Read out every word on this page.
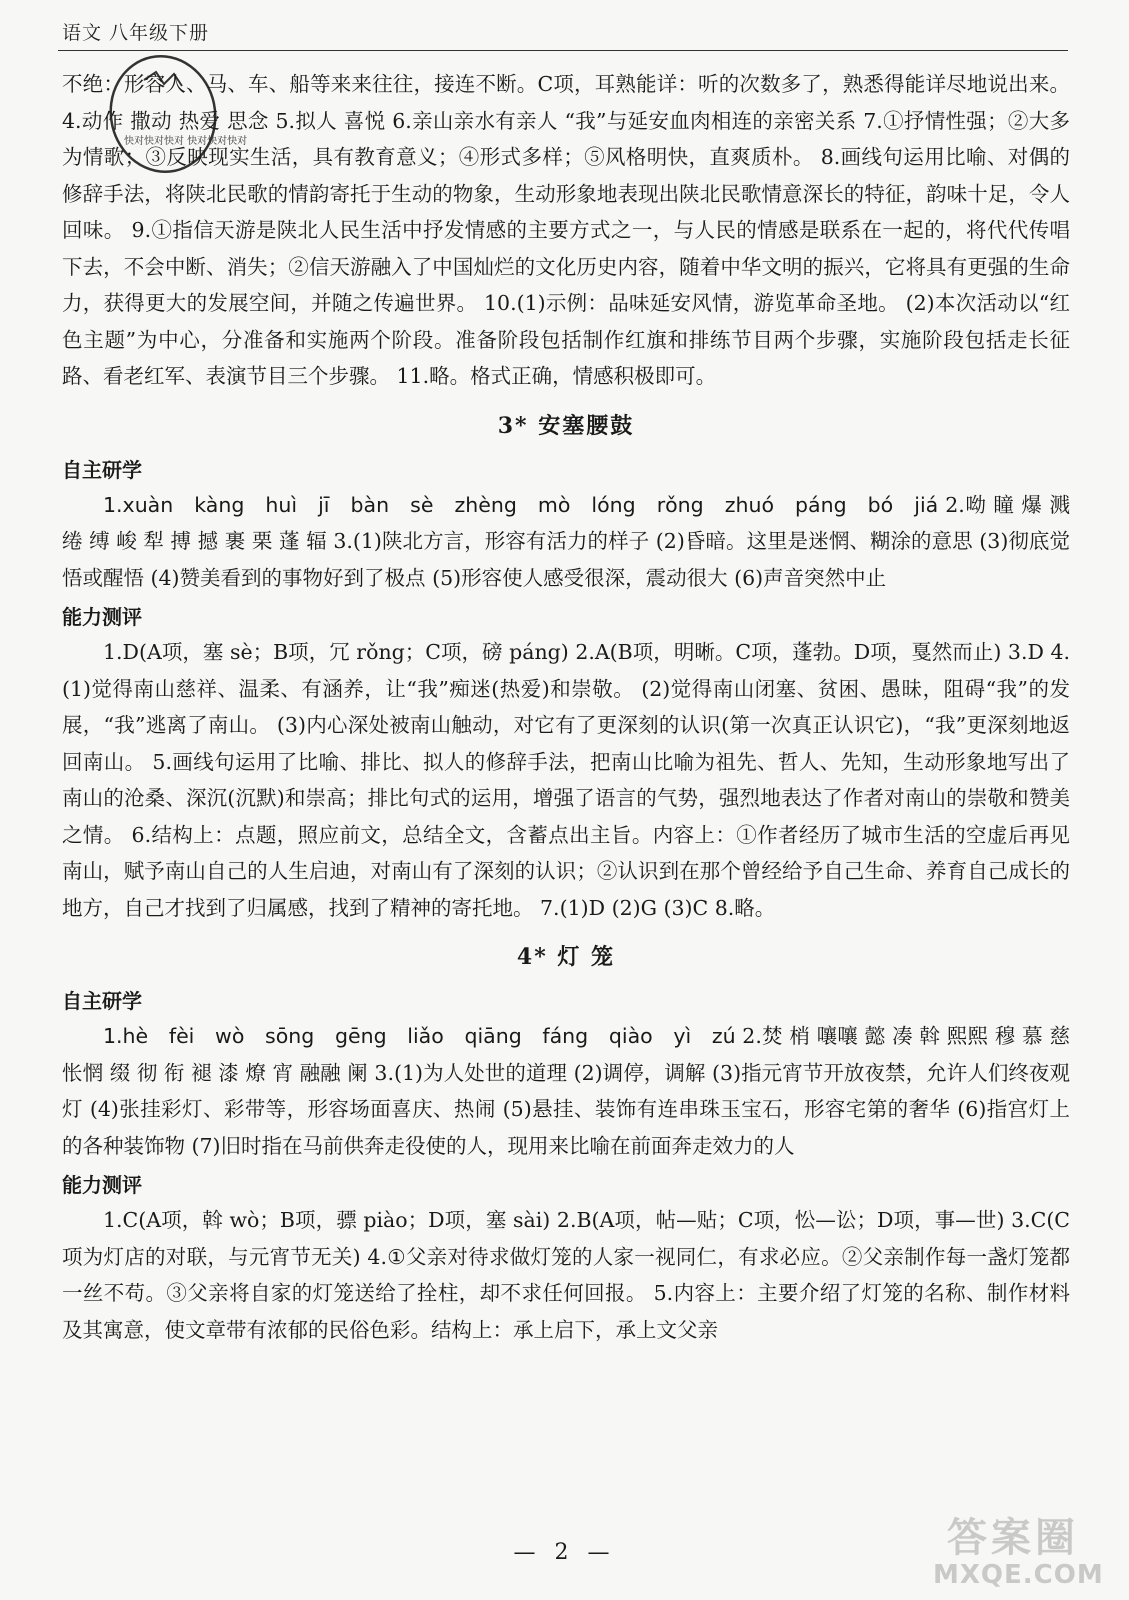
语文 八年级下册
快对快对快对 快对快对快对

不绝：形容人、马、车、船等来来往往，接连不断。C项，耳熟能详：听的次数多了，熟悉得能详尽地说出来。 4.动作 撒动 热爱 思念 5.拟人 喜悦 6.亲山亲水有亲人 “我”与延安血肉相连的亲密关系 7.①抒情性强；②大多为情歌；③反映现实生活，具有教育意义；④形式多样；⑤风格明快，直爽质朴。 8.画线句运用比喻、对偶的修辞手法，将陕北民歌的情韵寄托于生动的物象，生动形象地表现出陕北民歌情意深长的特征，韵味十足，令人回味。 9.①指信天游是陕北人民生活中抒发情感的主要方式之一，与人民的情感是联系在一起的，将代代传唱下去，不会中断、消失；②信天游融入了中国灿烂的文化历史内容，随着中华文明的振兴，它将具有更强的生命力，获得更大的发展空间，并随之传遍世界。 10.(1)示例：品味延安风情，游览革命圣地。 (2)本次活动以“红色主题”为中心，分准备和实施两个阶段。准备阶段包括制作红旗和排练节目两个步骤，实施阶段包括走长征路、看老红军、表演节目三个步骤。 11.略。格式正确，情感积极即可。

3* 安塞腰鼓
自主研学

1.xuàn kàng huì jī bàn sè zhèng mò lóng rǒng zhuó páng bó jiá 2.呦 瞳 爆 溅 绻 缚 峻 犁 搏 撼 裹 栗 蓬 辐 3.(1)陕北方言，形容有活力的样子 (2)昏暗。这里是迷惘、糊涂的意思 (3)彻底觉悟或醒悟 (4)赞美看到的事物好到了极点 (5)形容使人感受很深，震动很大 (6)声音突然中止

能力测评

1.D(A项，塞 sè；B项，冗 rǒng；C项，磅 páng) 2.A(B项，明晰。C项，蓬勃。D项，戛然而止) 3.D 4.(1)觉得南山慈祥、温柔、有涵养，让“我”痴迷(热爱)和崇敬。 (2)觉得南山闭塞、贫困、愚昧，阻碍“我”的发展，“我”逃离了南山。 (3)内心深处被南山触动，对它有了更深刻的认识(第一次真正认识它)，“我”更深刻地返回南山。 5.画线句运用了比喻、排比、拟人的修辞手法，把南山比喻为祖先、哲人、先知，生动形象地写出了南山的沧桑、深沉(沉默)和崇高；排比句式的运用，增强了语言的气势，强烈地表达了作者对南山的崇敬和赞美之情。 6.结构上：点题，照应前文，总结全文，含蓄点出主旨。内容上：①作者经历了城市生活的空虚后再见南山，赋予南山自己的人生启迪，对南山有了深刻的认识；②认识到在那个曾经给予自己生命、养育自己成长的地方，自己才找到了归属感，找到了精神的寄托地。 7.(1)D (2)G (3)C 8.略。

4* 灯 笼
自主研学

1.hè fèi wò sōng gēng liǎo qiāng fáng qiào yì zú 2.焚 梢 嚷嚷 懿 凑 斡 熙熙 穆 慕 慈 怅惘 缀 彻 衔 褪 漆 燎 宵 融融 阑 3.(1)为人处世的道理 (2)调停，调解 (3)指元宵节开放夜禁，允许人们终夜观灯 (4)张挂彩灯、彩带等，形容场面喜庆、热闹 (5)悬挂、装饰有连串珠玉宝石，形容宅第的奢华 (6)指宫灯上的各种装饰物 (7)旧时指在马前供奔走役使的人，现用来比喻在前面奔走效力的人

能力测评

1.C(A项，斡 wò；B项，骠 piào；D项，塞 sài) 2.B(A项，帖—贴；C项，忪—讼；D项，事—世) 3.C(C项为灯店的对联，与元宵节无关) 4.①父亲对待求做灯笼的人家一视同仁，有求必应。②父亲制作每一盏灯笼都一丝不苟。③父亲将自家的灯笼送给了拴柱，却不求任何回报。 5.内容上：主要介绍了灯笼的名称、制作材料及其寓意，使文章带有浓郁的民俗色彩。结构上：承上启下，承上文父亲

— 2 —	答案圈
MXQE.COM
